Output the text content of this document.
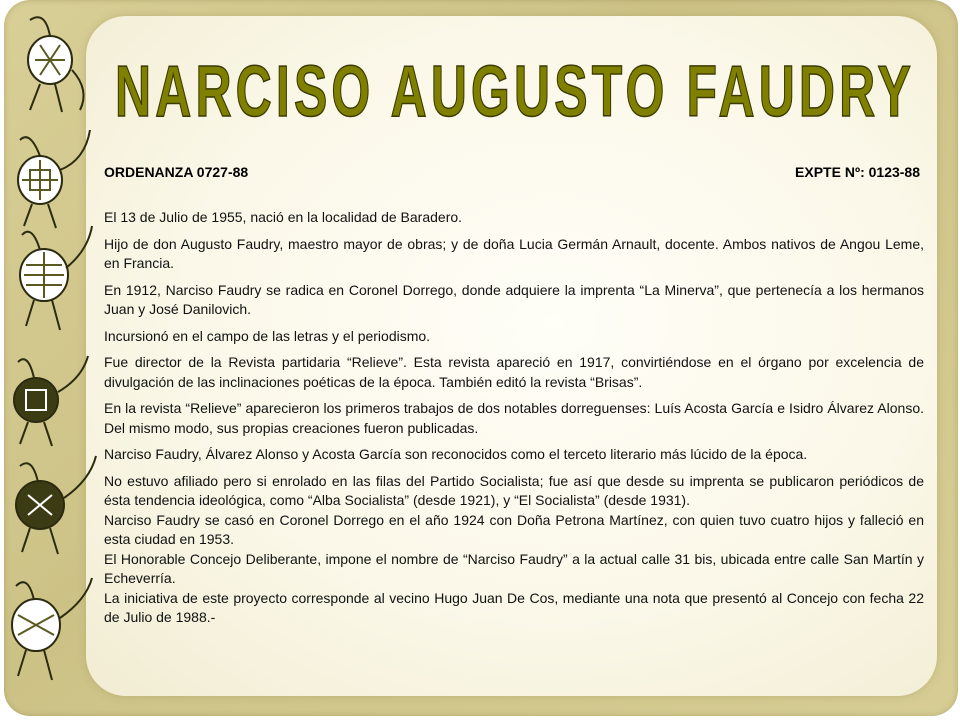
NARCISO AUGUSTO FAUDRY
ORDENANZA 0727-88	EXPTE Nº: 0123-88

El 13 de Julio de 1955, nació en la localidad de Baradero.

Hijo de don Augusto Faudry, maestro mayor de obras; y de doña Lucia Germán Arnault, docente. Ambos nativos de Angou Leme, en Francia.

En 1912, Narciso Faudry se radica en Coronel Dorrego, donde adquiere la imprenta “La Minerva”, que pertenecía a los hermanos Juan y José Danilovich.

Incursionó en el campo de las letras y el periodismo.

Fue director de la Revista partidaria “Relieve”. Esta revista apareció en 1917, convirtiéndose en el órgano por excelencia de divulgación de las inclinaciones poéticas de la época. También editó la revista “Brisas”.

En la revista “Relieve” aparecieron los primeros trabajos de dos notables dorreguenses: Luís Acosta García e Isidro Álvarez Alonso. Del mismo modo, sus propias creaciones fueron publicadas.

Narciso Faudry, Álvarez Alonso y Acosta García son reconocidos como el terceto literario más lúcido de la época.

No estuvo afiliado pero si enrolado en las filas del Partido Socialista; fue así que desde su imprenta se publicaron periódicos de ésta tendencia ideológica, como “Alba Socialista” (desde 1921), y “El Socialista” (desde 1931).

Narciso Faudry se casó en Coronel Dorrego en el año 1924 con Doña Petrona Martínez, con quien tuvo cuatro hijos y falleció en esta ciudad en 1953.

El Honorable Concejo Deliberante, impone el nombre de “Narciso Faudry” a la actual calle 31 bis, ubicada entre calle San Martín y Echeverría.

La iniciativa de este proyecto corresponde al vecino Hugo Juan De Cos, mediante una nota que presentó al Concejo con fecha 22 de Julio de 1988.-
